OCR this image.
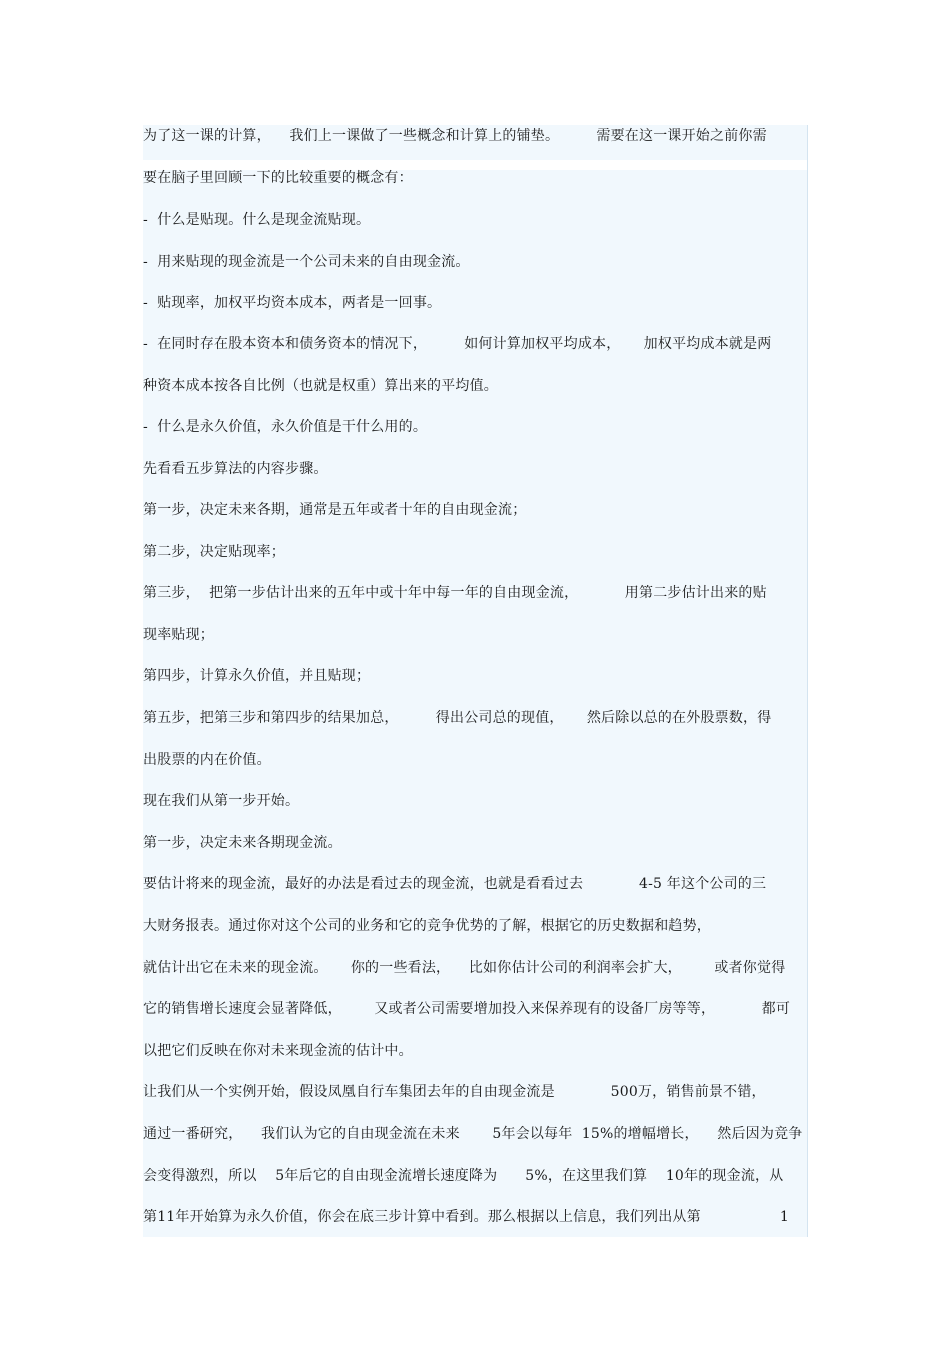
为了这一课的计算，    我们上一课做了一些概念和计算上的铺垫。        需要在这一课开始之前你需
要在脑子里回顾一下的比较重要的概念有：
-  什么是贴现。什么是现金流贴现。
-  用来贴现的现金流是一个公司未来的自由现金流。
-  贴现率，加权平均资本成本，两者是一回事。
-  在同时存在股本资本和债务资本的情况下，        如何计算加权平均成本，     加权平均成本就是两
种资本成本按各自比例（也就是权重）算出来的平均值。
-  什么是永久价值，永久价值是干什么用的。
先看看五步算法的内容步骤。
第一步，决定未来各期，通常是五年或者十年的自由现金流；
第二步，决定贴现率；
第三步，  把第一步估计出来的五年中或十年中每一年的自由现金流，          用第二步估计出来的贴
现率贴现；
第四步，计算永久价值，并且贴现；
第五步，把第三步和第四步的结果加总，        得出公司总的现值，     然后除以总的在外股票数，得
出股票的内在价值。
现在我们从第一步开始。
第一步，决定未来各期现金流。
要估计将来的现金流，最好的办法是看过去的现金流，也就是看看过去            4-5 年这个公司的三
大财务报表。通过你对这个公司的业务和它的竞争优势的了解，根据它的历史数据和趋势，
就估计出它在未来的现金流。     你的一些看法，    比如你估计公司的利润率会扩大，       或者你觉得
它的销售增长速度会显著降低，       又或者公司需要增加投入来保养现有的设备厂房等等，          都可
以把它们反映在你对未来现金流的估计中。
让我们从一个实例开始，假设凤凰自行车集团去年的自由现金流是            500万，销售前景不错，
通过一番研究，    我们认为它的自由现金流在未来       5年会以每年  15%的增幅增长，    然后因为竞争
会变得激烈，所以    5年后它的自由现金流增长速度降为      5%，在这里我们算    10年的现金流，从
第11年开始算为永久价值，你会在底三步计算中看到。那么根据以上信息，我们列出从第                 1
